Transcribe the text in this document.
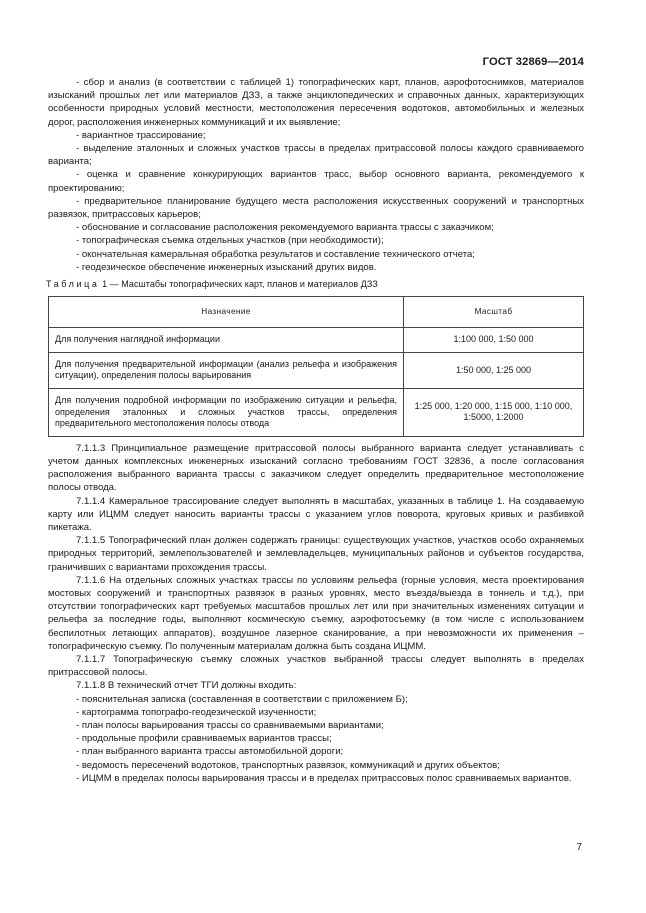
ГОСТ 32869—2014

- сбор и анализ (в соответствии с таблицей 1) топографических карт, планов, аэрофотоснимков, материалов изысканий прошлых лет или материалов ДЗЗ, а также энциклопедических и справочных данных, характеризующих особенности природных условий местности, местоположения пересечения водотоков, автомобильных и железных дорог, расположения инженерных коммуникаций и их выявление;

- вариантное трассирование;

- выделение эталонных и сложных участков трассы в пределах притрассовой полосы каждого сравниваемого варианта;

- оценка и сравнение конкурирующих вариантов трасс, выбор основного варианта, рекомендуемого к проектированию;

- предварительное планирование будущего места расположения искусственных сооружений и транспортных развязок, притрассовых карьеров;

- обоснование и согласование расположения рекомендуемого варианта трассы с заказчиком;

- топографическая съемка отдельных участков (при необходимости);

- окончательная камеральная обработка результатов и составление технического отчета;

- геодезическое обеспечение инженерных изысканий других видов.

Таблица 1 — Масштабы топографических карт, планов и материалов ДЗЗ
Назначение	Масштаб
Для получения наглядной информации	1:100 000, 1:50 000
Для получения предварительной информации (анализ рельефа и изображения ситуации), определения полосы варьирования	1:50 000, 1:25 000
Для получения подробной информации по изображению ситуации и рельефа, определения эталонных и сложных участков трассы, определения предварительного местоположения полосы отвода	1:25 000, 1:20 000, 1:15 000, 1:10 000, 1:5000, 1:2000

7.1.1.3 Принципиальное размещение притрассовой полосы выбранного варианта следует устанавливать с учетом данных комплексных инженерных изысканий согласно требованиям ГОСТ 32836, а после согласования расположения выбранного варианта трассы с заказчиком следует определить предварительное местоположение полосы отвода.

7.1.1.4 Камеральное трассирование следует выполнять в масштабах, указанных в таблице 1. На создаваемую карту или ИЦММ следует наносить варианты трассы с указанием углов поворота, круговых кривых и разбивкой пикетажа.

7.1.1.5 Топографический план должен содержать границы: существующих участков, участков особо охраняемых природных территорий, землепользователей и землевладельцев, муниципальных районов и субъектов государства, граничивших с вариантами прохождения трассы.

7.1.1.6 На отдельных сложных участках трассы по условиям рельефа (горные условия, места проектирования мостовых сооружений и транспортных развязок в разных уровнях, место въезда/выезда в тоннель и т.д.), при отсутствии топографических карт требуемых масштабов прошлых лет или при значительных изменениях ситуации и рельефа за последние годы, выполняют космическую съемку, аэрофотосъемку (в том числе с использованием беспилотных летающих аппаратов), воздушное лазерное сканирование, а при невозможности их применения – топографическую съемку. По полученным материалам должна быть создана ИЦММ.

7.1.1.7 Топографическую съемку сложных участков выбранной трассы следует выполнять в пределах притрассовой полосы.

7.1.1.8 В технический отчет ТГИ должны входить:

- пояснительная записка (составленная в соответствии с приложением Б);

- картограмма топографо-геодезической изученности;

- план полосы варьирования трассы со сравниваемыми вариантами;

- продольные профили сравниваемых вариантов трассы;

- план выбранного варианта трассы автомобильной дороги;

- ведомость пересечений водотоков, транспортных развязок, коммуникаций и других объектов;

- ИЦММ в пределах полосы варьирования трассы и в пределах притрассовых полос сравниваемых вариантов.

7
